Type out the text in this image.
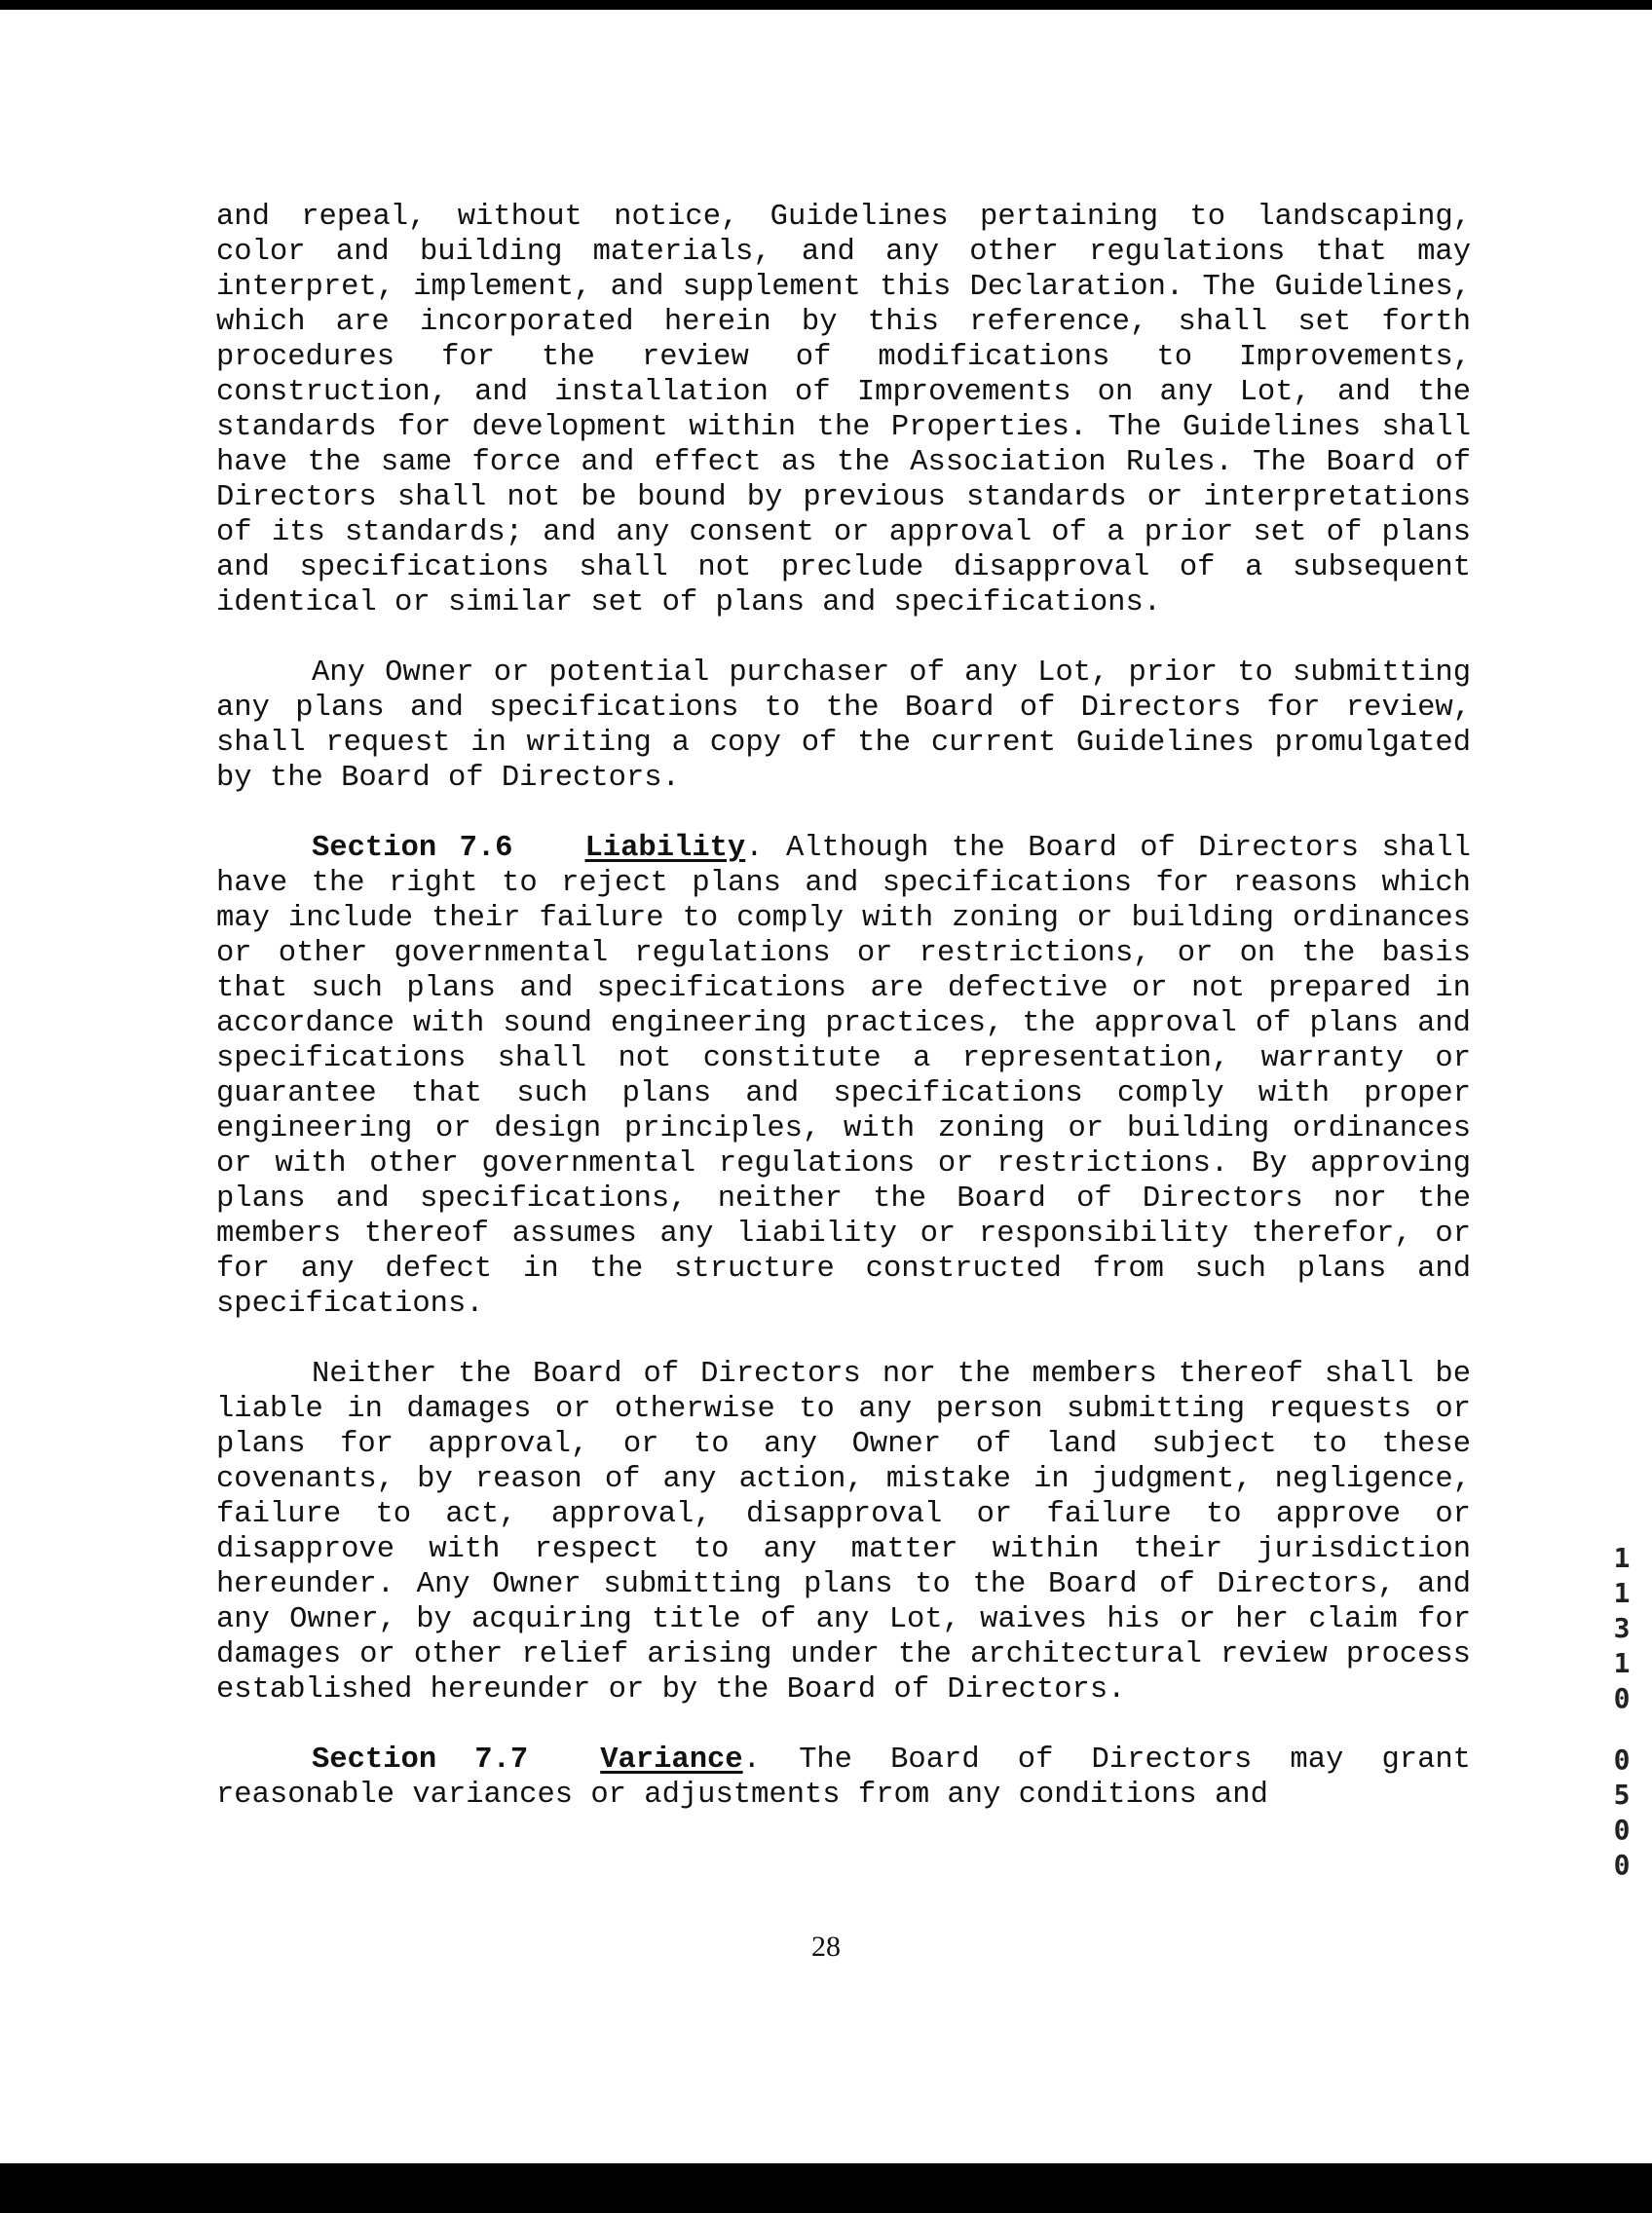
and repeal, without notice, Guidelines pertaining to landscaping, color and building materials, and any other regulations that may interpret, implement, and supplement this Declaration. The Guidelines, which are incorporated herein by this reference, shall set forth procedures for the review of modifications to Improvements, construction, and installation of Improvements on any Lot, and the standards for development within the Properties. The Guidelines shall have the same force and effect as the Association Rules. The Board of Directors shall not be bound by previous standards or interpretations of its standards; and any consent or approval of a prior set of plans and specifications shall not preclude disapproval of a subsequent identical or similar set of plans and specifications.

Any Owner or potential purchaser of any Lot, prior to submitting any plans and specifications to the Board of Directors for review, shall request in writing a copy of the current Guidelines promulgated by the Board of Directors.

Section 7.6 Liability. Although the Board of Directors shall have the right to reject plans and specifications for reasons which may include their failure to comply with zoning or building ordinances or other governmental regulations or restrictions, or on the basis that such plans and specifications are defective or not prepared in accordance with sound engineering practices, the approval of plans and specifications shall not constitute a representation, warranty or guarantee that such plans and specifications comply with proper engineering or design principles, with zoning or building ordinances or with other governmental regulations or restrictions. By approving plans and specifications, neither the Board of Directors nor the members thereof assumes any liability or responsibility therefor, or for any defect in the structure constructed from such plans and specifications.

Neither the Board of Directors nor the members thereof shall be liable in damages or otherwise to any person submitting requests or plans for approval, or to any Owner of land subject to these covenants, by reason of any action, mistake in judgment, negligence, failure to act, approval, disapproval or failure to approve or disapprove with respect to any matter within their jurisdiction hereunder. Any Owner submitting plans to the Board of Directors, and any Owner, by acquiring title of any Lot, waives his or her claim for damages or other relief arising under the architectural review process established hereunder or by the Board of Directors.

Section 7.7 Variance. The Board of Directors may grant reasonable variances or adjustments from any conditions and

28
1
1
3
1
0
0
5
0
0
